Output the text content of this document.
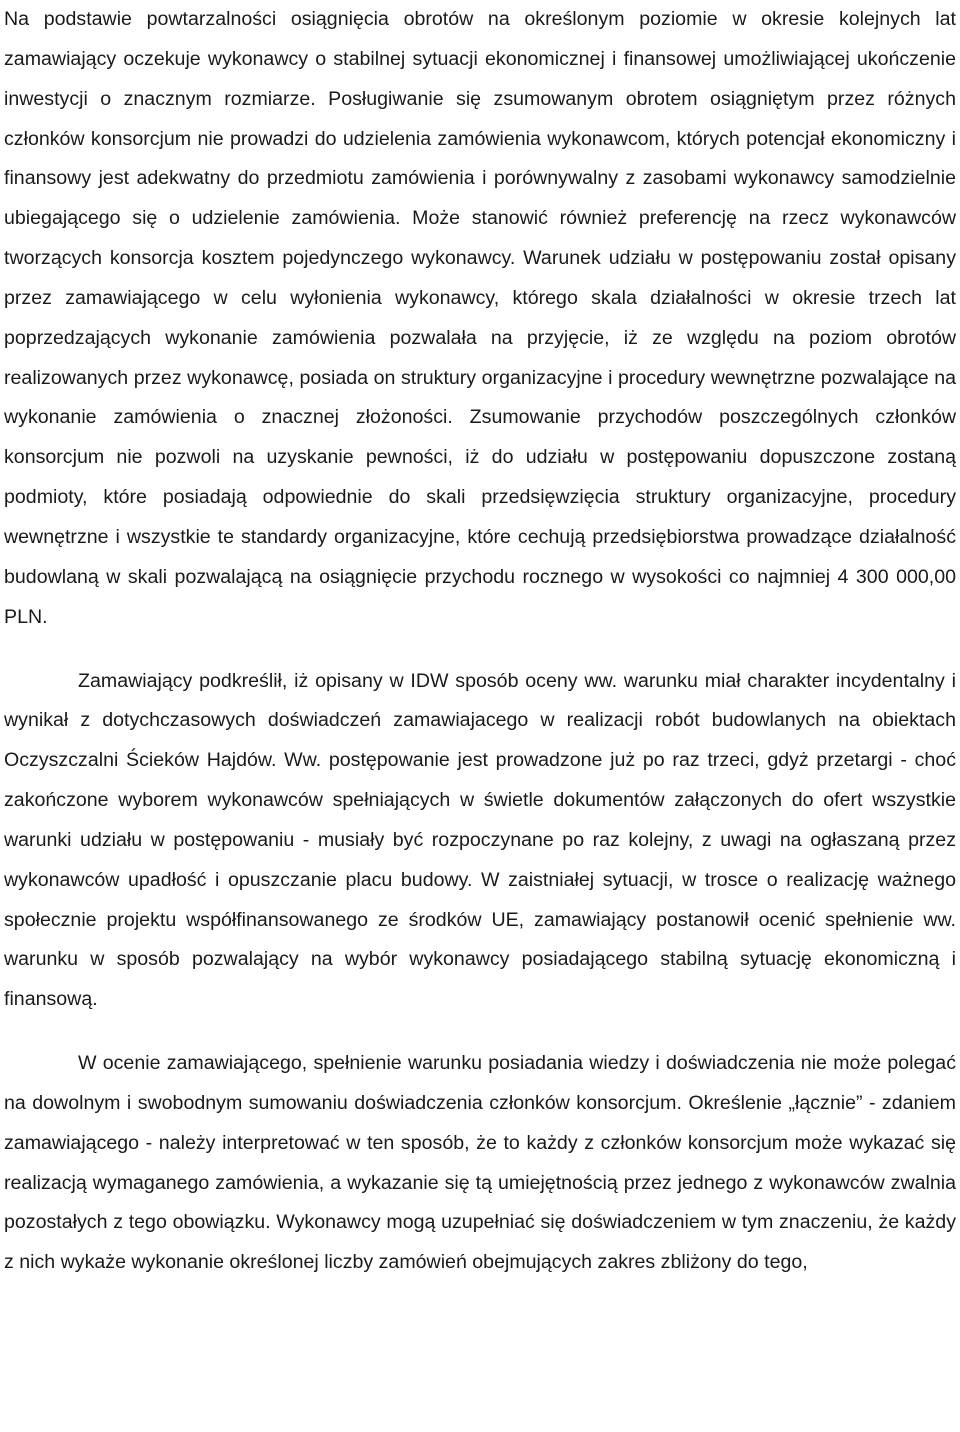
Na podstawie powtarzalności osiągnięcia obrotów na określonym poziomie w okresie kolejnych lat zamawiający oczekuje wykonawcy o stabilnej sytuacji ekonomicznej i finansowej umożliwiającej ukończenie inwestycji o znacznym rozmiarze. Posługiwanie się zsumowanym obrotem osiągniętym przez różnych członków konsorcjum nie prowadzi do udzielenia zamówienia wykonawcom, których potencjał ekonomiczny i finansowy jest adekwatny do przedmiotu zamówienia i porównywalny z zasobami wykonawcy samodzielnie ubiegającego się o udzielenie zamówienia. Może stanowić również preferencję na rzecz wykonawców tworzących konsorcja kosztem pojedynczego wykonawcy. Warunek udziału w postępowaniu został opisany przez zamawiającego w celu wyłonienia wykonawcy, którego skala działalności w okresie trzech lat poprzedzających wykonanie zamówienia pozwalała na przyjęcie, iż ze względu na poziom obrotów realizowanych przez wykonawcę, posiada on struktury organizacyjne i procedury wewnętrzne pozwalające na wykonanie zamówienia o znacznej złożoności. Zsumowanie przychodów poszczególnych członków konsorcjum nie pozwoli na uzyskanie pewności, iż do udziału w postępowaniu dopuszczone zostaną podmioty, które posiadają odpowiednie do skali przedsięwzięcia struktury organizacyjne, procedury wewnętrzne i wszystkie te standardy organizacyjne, które cechują przedsiębiorstwa prowadzące działalność budowlaną w skali pozwalającą na osiągnięcie przychodu rocznego w wysokości co najmniej 4 300 000,00 PLN.

Zamawiający podkreślił, iż opisany w IDW sposób oceny ww. warunku miał charakter incydentalny i wynikał z dotychczasowych doświadczeń zamawiajacego w realizacji robót budowlanych na obiektach Oczyszczalni Ścieków Hajdów. Ww. postępowanie jest prowadzone już po raz trzeci, gdyż przetargi - choć zakończone wyborem wykonawców spełniających w świetle dokumentów załączonych do ofert wszystkie warunki udziału w postępowaniu - musiały być rozpoczynane po raz kolejny, z uwagi na ogłaszaną przez wykonawców upadłość i opuszczanie placu budowy. W zaistniałej sytuacji, w trosce o realizację ważnego społecznie projektu współfinansowanego ze środków UE, zamawiający postanowił ocenić spełnienie ww. warunku w sposób pozwalający na wybór wykonawcy posiadającego stabilną sytuację ekonomiczną i finansową.

W ocenie zamawiającego, spełnienie warunku posiadania wiedzy i doświadczenia nie może polegać na dowolnym i swobodnym sumowaniu doświadczenia członków konsorcjum. Określenie „łącznie” - zdaniem zamawiającego - należy interpretować w ten sposób, że to każdy z członków konsorcjum może wykazać się realizacją wymaganego zamówienia, a wykazanie się tą umiejętnością przez jednego z wykonawców zwalnia pozostałych z tego obowiązku. Wykonawcy mogą uzupełniać się doświadczeniem w tym znaczeniu, że każdy z nich wykaże wykonanie określonej liczby zamówień obejmujących zakres zbliżony do tego,
